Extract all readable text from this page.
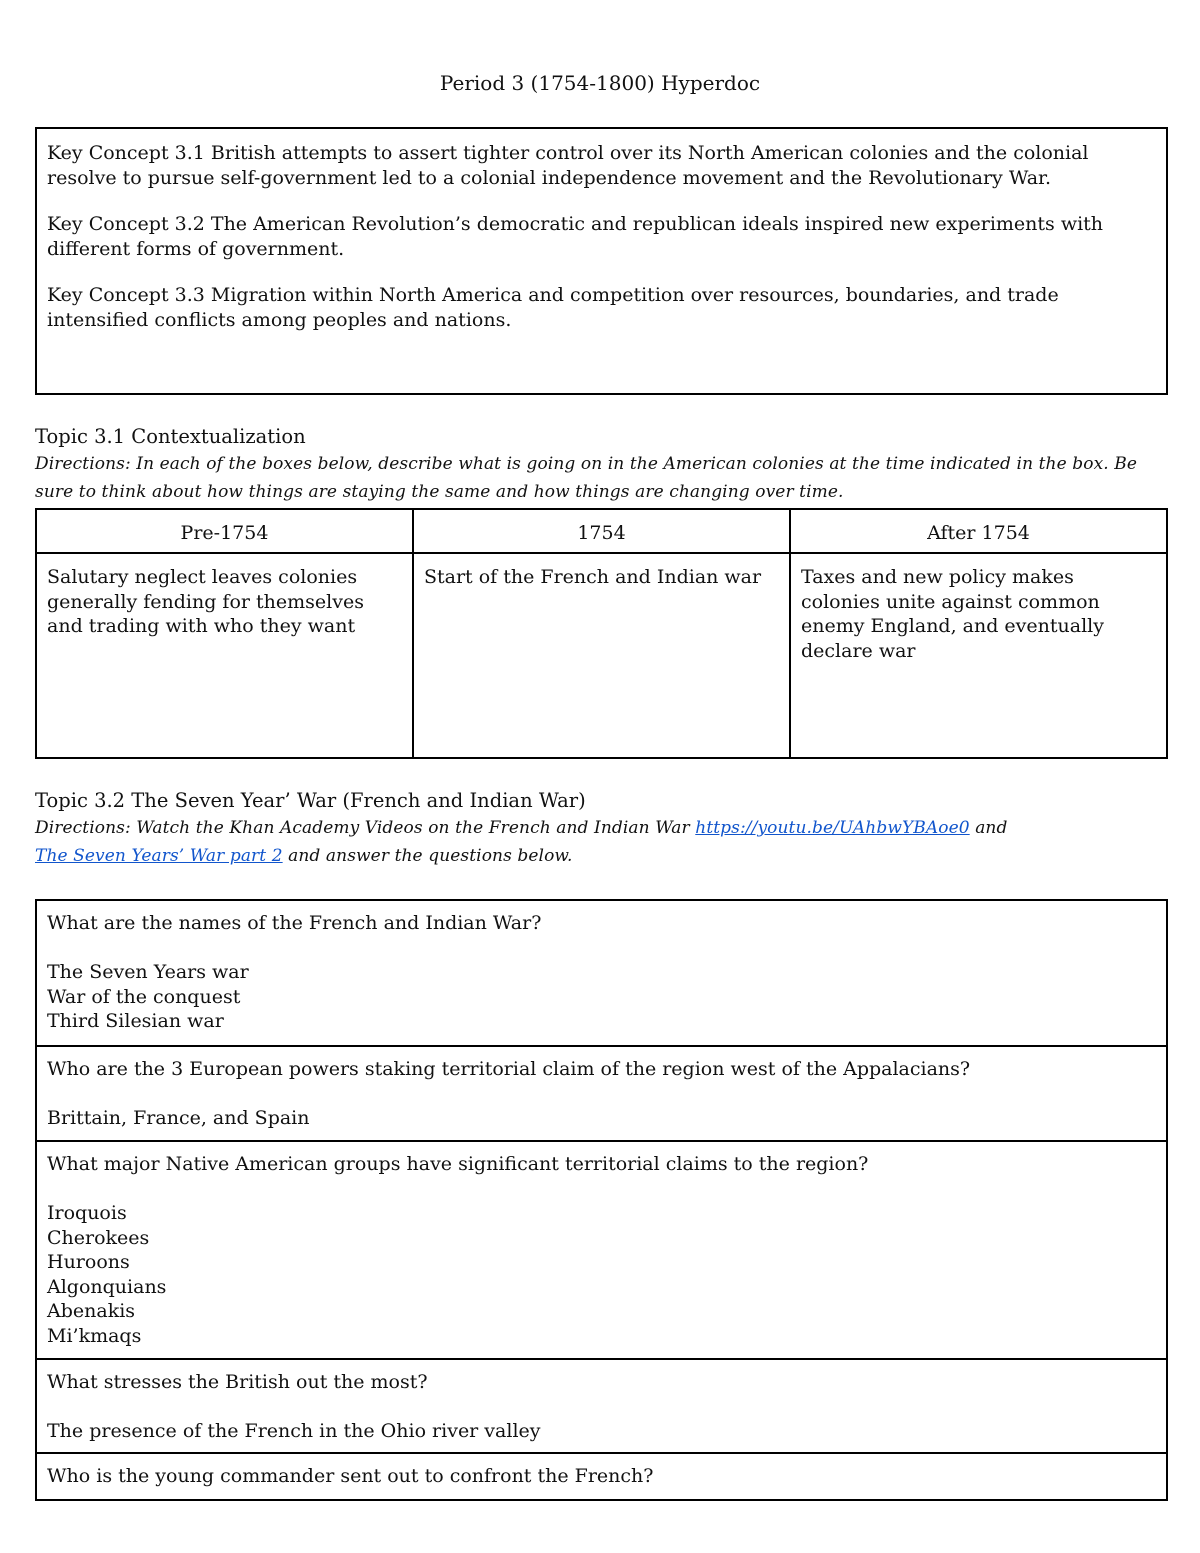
Period 3 (1754-1800) Hyperdoc

Key Concept 3.1 British attempts to assert tighter control over its North American colonies and the colonial resolve to pursue self-government led to a colonial independence movement and the Revolutionary War.

Key Concept 3.2 The American Revolution’s democratic and republican ideals inspired new experiments with different forms of government.

Key Concept 3.3 Migration within North America and competition over resources, boundaries, and trade intensified conflicts among peoples and nations.

Topic 3.1 Contextualization
Directions: In each of the boxes below, describe what is going on in the American colonies at the time indicated in the box. Be sure to think about how things are staying the same and how things are changing over time.
Pre-1754	1754	After 1754
Salutary neglect leaves colonies generally fending for themselves and trading with who they want	Start of the French and Indian war	Taxes and new policy makes colonies unite against common enemy England, and eventually declare war
Topic 3.2 The Seven Year’ War (French and Indian War)
Directions: Watch the Khan Academy Videos on the French and Indian War https://youtu.be/UAhbwYBAoe0 and
The Seven Years’ War part 2 and answer the questions below.
What are the names of the French and Indian War?
The Seven Years war
War of the conquest
Third Silesian war
Who are the 3 European powers staking territorial claim of the region west of the Appalacians?
Brittain, France, and Spain
What major Native American groups have significant territorial claims to the region?
Iroquois
Cherokees
Huroons
Algonquians
Abenakis
Mi’kmaqs
What stresses the British out the most?
The presence of the French in the Ohio river valley
Who is the young commander sent out to confront the French?
